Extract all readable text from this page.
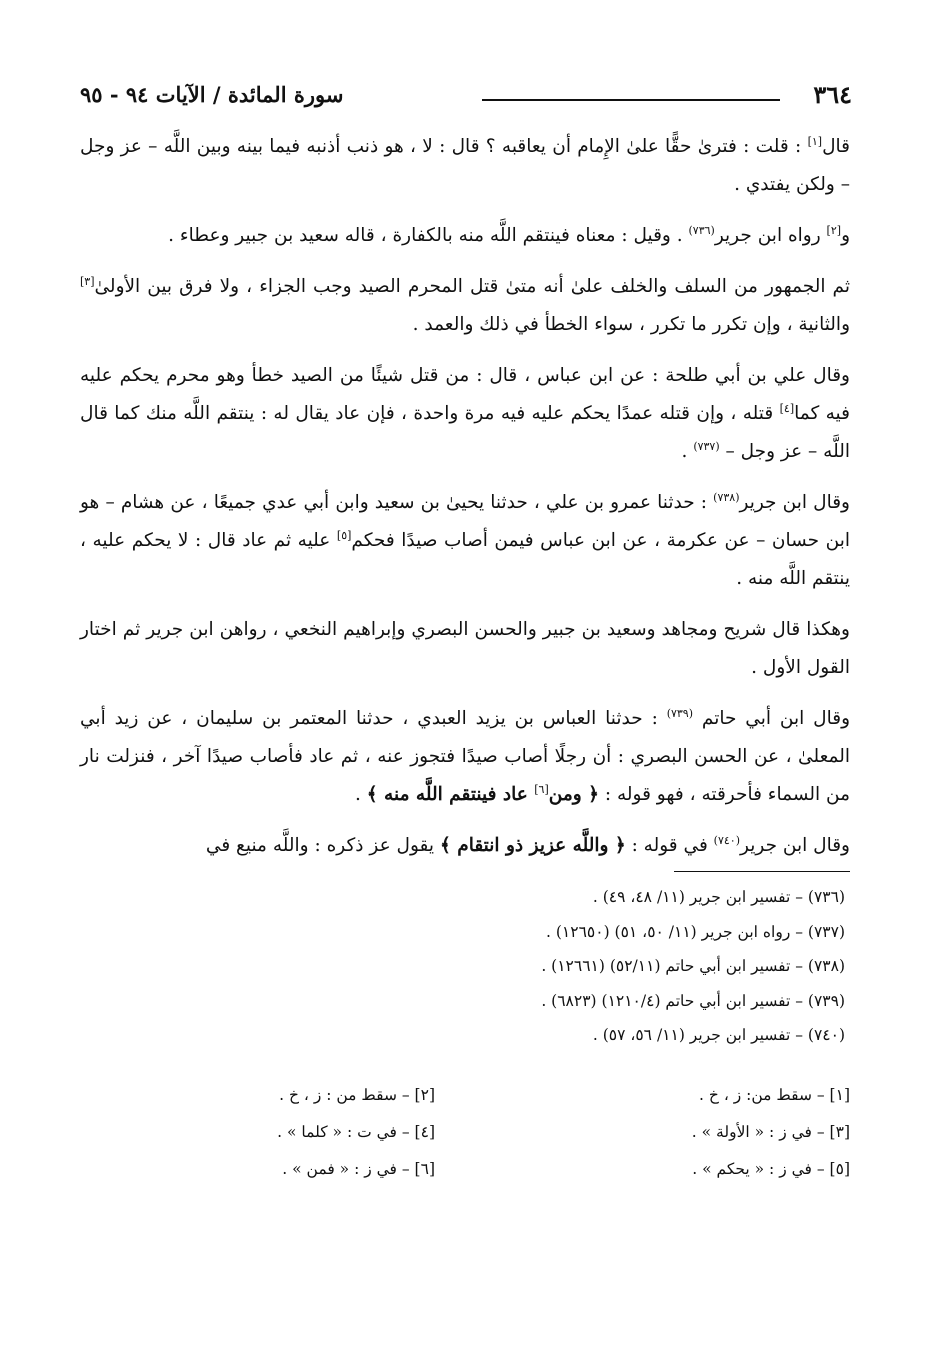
٣٦٤
سورة المائدة / الآيات ٩٤ - ٩٥

قال[١] : قلت : فترىٰ حقًّا علىٰ الإِمام أن يعاقبه ؟ قال : لا ، هو ذنب أذنبه فيما بينه وبين اللَّه – عز وجل – ولكن يفتدي .

و[٢] رواه ابن جرير$^{(٧٣٦)}$ . وقيل : معناه فينتقم اللَّه منه بالكفارة ، قاله سعيد بن جبير وعطاء .

ثم الجمهور من السلف والخلف علىٰ أنه متىٰ قتل المحرم الصيد وجب الجزاء ، ولا فرق بين الأولىٰ[٣] والثانية ، وإن تكرر ما تكرر ، سواء الخطأ في ذلك والعمد .

وقال علي بن أبي طلحة : عن ابن عباس ، قال : من قتل شيئًا من الصيد خطأ وهو محرم يحكم عليه فيه كما[٤] قتله ، وإن قتله عمدًا يحكم عليه فيه مرة واحدة ، فإن عاد يقال له : ينتقم اللَّه منك كما قال اللَّه – عز وجل – $^{(٧٣٧)}$ .

وقال ابن جرير$^{(٧٣٨)}$ : حدثنا عمرو بن علي ، حدثنا يحيىٰ بن سعيد وابن أبي عدي جميعًا ، عن هشام – هو ابن حسان – عن عكرمة ، عن ابن عباس فيمن أصاب صيدًا فحكم[٥] عليه ثم عاد قال : لا يحكم عليه ، ينتقم اللَّه منه .

وهكذا قال شريح ومجاهد وسعيد بن جبير والحسن البصري وإبراهيم النخعي ، رواهن ابن جرير ثم اختار القول الأول .

وقال ابن أبي حاتم $^{(٧٣٩)}$ : حدثنا العباس بن يزيد العبدي ، حدثنا المعتمر بن سليمان ، عن زيد أبي المعلىٰ ، عن الحسن البصري : أن رجلًا أصاب صيدًا فتجوز عنه ، ثم عاد فأصاب صيدًا آخر ، فنزلت نار من السماء فأحرقته ، فهو قوله : ﴿ ومن[٦] عاد فينتقم اللَّه منه ﴾ .

وقال ابن جرير$^{(٧٤٠)}$ في قوله : ﴿ واللَّه عزيز ذو انتقام ﴾ يقول عز ذكره : واللَّه منيع في

(٧٣٦) – تفسير ابن جرير (١١/ ٤٨، ٤٩) .
(٧٣٧) – رواه ابن جرير (١١/ ٥٠، ٥١) (١٢٦٥٠) .
(٧٣٨) – تفسير ابن أبي حاتم (٥٢/١١) (١٢٦٦١) .
(٧٣٩) – تفسير ابن أبي حاتم (١٢١٠/٤) (٦٨٢٣) .
(٧٤٠) – تفسير ابن جرير (١١/ ٥٦، ٥٧) .
[١] – سقط من: ز ، خ .
[٢] – سقط من : ز ، خ .
[٣] – في ز : « الأولة » .
[٤] – في ت : « كلما » .
[٥] – في ز : « يحكم » .
[٦] – في ز : « فمن » .
